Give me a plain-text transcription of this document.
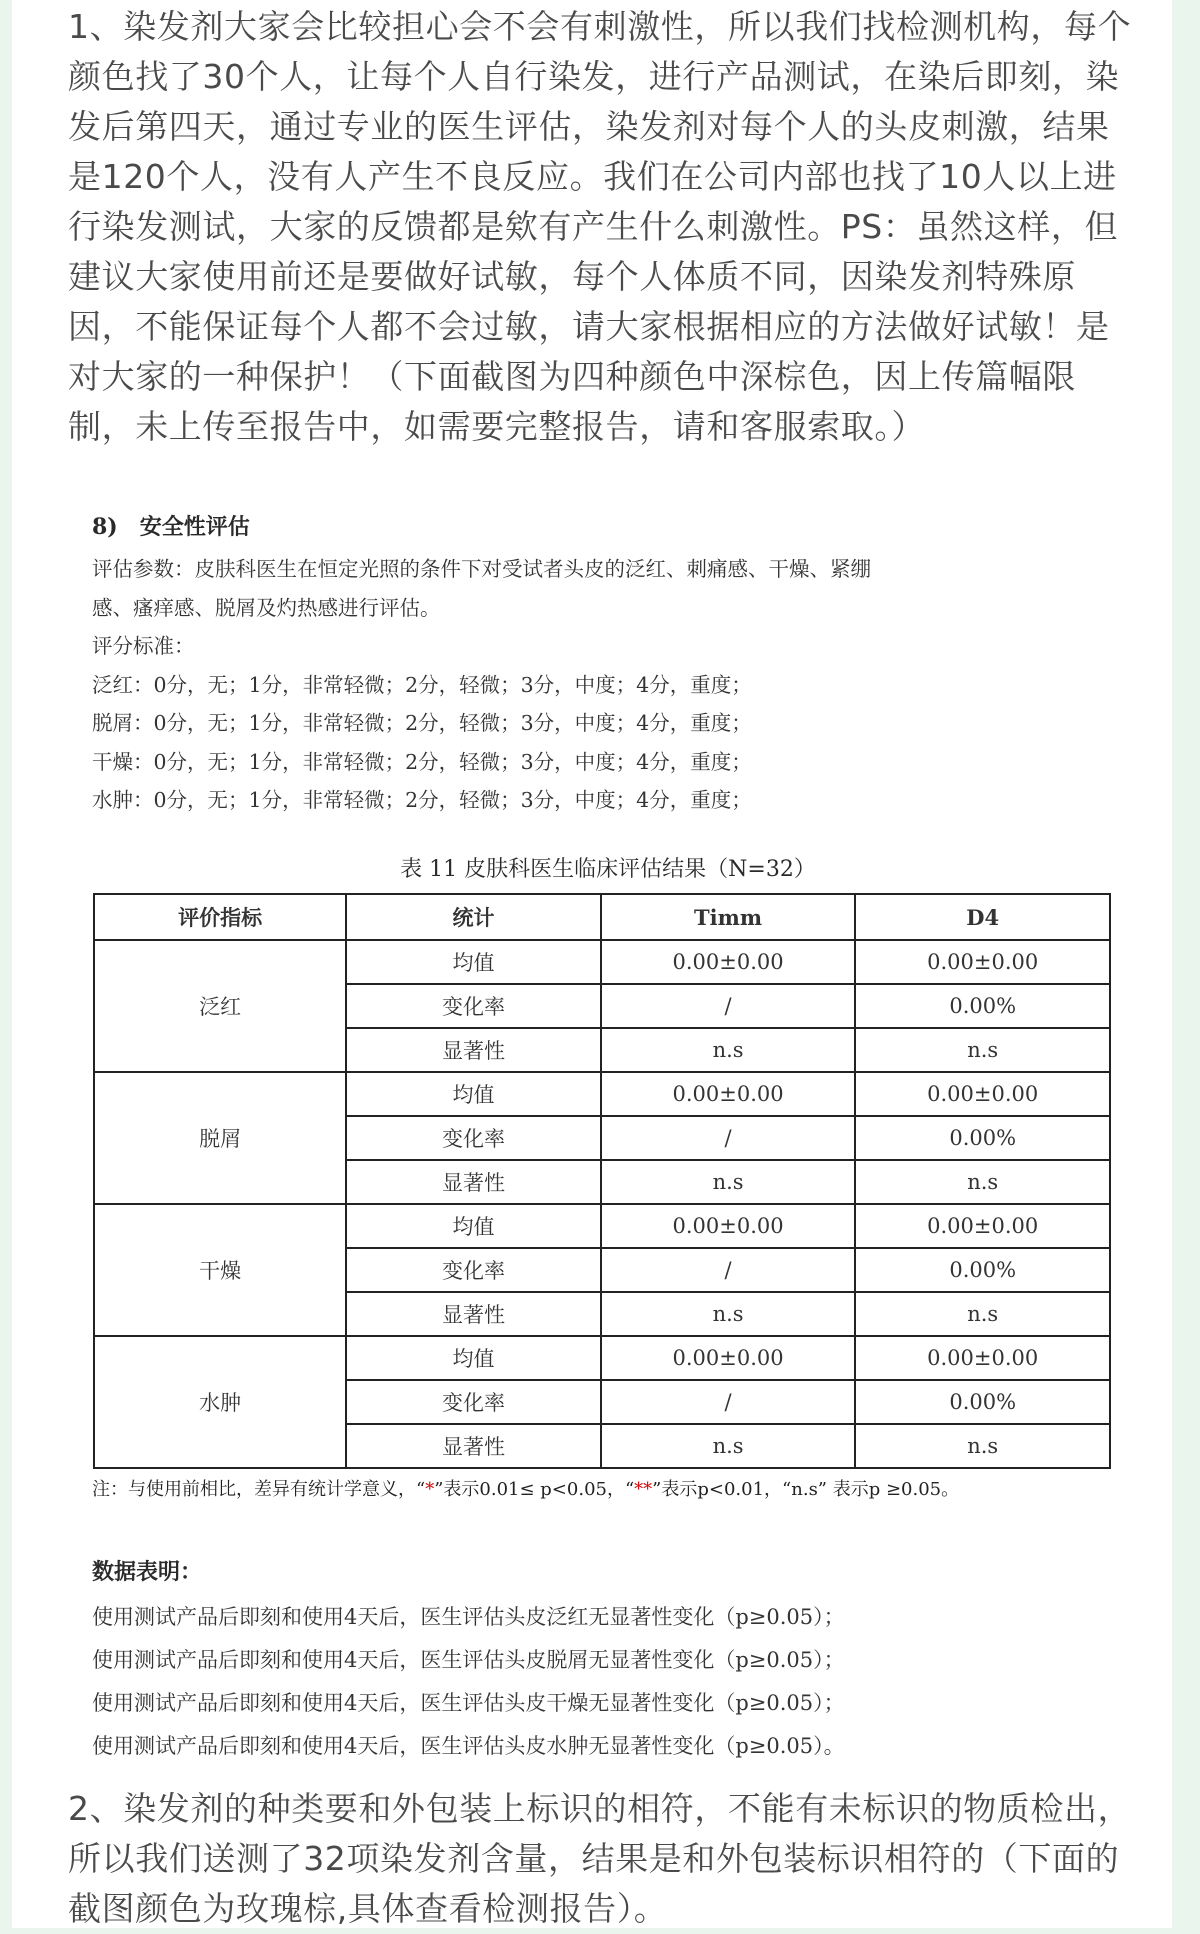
1、染发剂大家会比较担心会不会有刺激性，所以我们找检测机构，每个颜色找了30个人，让每个人自行染发，进行产品测试，在染后即刻，染发后第四天，通过专业的医生评估，染发剂对每个人的头皮刺激，结果是120个人，没有人产生不良反应。我们在公司内部也找了10人以上进行染发测试，大家的反馈都是欸有产生什么刺激性。PS：虽然这样，但建议大家使用前还是要做好试敏，每个人体质不同，因染发剂特殊原因，不能保证每个人都不会过敏，请大家根据相应的方法做好试敏！是对大家的一种保护！（下面截图为四种颜色中深棕色，因上传篇幅限制，未上传至报告中，如需要完整报告，请和客服索取。）

8) 安全性评估
评估参数：皮肤科医生在恒定光照的条件下对受试者头皮的泛红、刺痛感、干燥、紧绷
感、瘙痒感、脱屑及灼热感进行评估。
评分标准：
泛红：0分，无；1分，非常轻微；2分，轻微；3分，中度；4分，重度；
脱屑：0分，无；1分，非常轻微；2分，轻微；3分，中度；4分，重度；
干燥：0分，无；1分，非常轻微；2分，轻微；3分，中度；4分，重度；
水肿：0分，无；1分，非常轻微；2分，轻微；3分，中度；4分，重度；

表 11 皮肤科医生临床评估结果（N=32）

评价指标	统计	Timm	D4
泛红	均值	0.00±0.00	0.00±0.00
	变化率	/	0.00%
	显著性	n.s	n.s
脱屑	均值	0.00±0.00	0.00±0.00
	变化率	/	0.00%
	显著性	n.s	n.s
干燥	均值	0.00±0.00	0.00±0.00
	变化率	/	0.00%
	显著性	n.s	n.s
水肿	均值	0.00±0.00	0.00±0.00
	变化率	/	0.00%
	显著性	n.s	n.s

注：与使用前相比，差异有统计学意义，“*”表示0.01≤ p<0.05，“**”表示p<0.01，“n.s” 表示p ≥0.05。

数据表明：

使用测试产品后即刻和使用4天后，医生评估头皮泛红无显著性变化（p≥0.05）；
使用测试产品后即刻和使用4天后，医生评估头皮脱屑无显著性变化（p≥0.05）；
使用测试产品后即刻和使用4天后，医生评估头皮干燥无显著性变化（p≥0.05）；
使用测试产品后即刻和使用4天后，医生评估头皮水肿无显著性变化（p≥0.05）。

2、染发剂的种类要和外包装上标识的相符，不能有未标识的物质检出，所以我们送测了32项染发剂含量，结果是和外包装标识相符的（下面的截图颜色为玫瑰棕,具体查看检测报告）。
